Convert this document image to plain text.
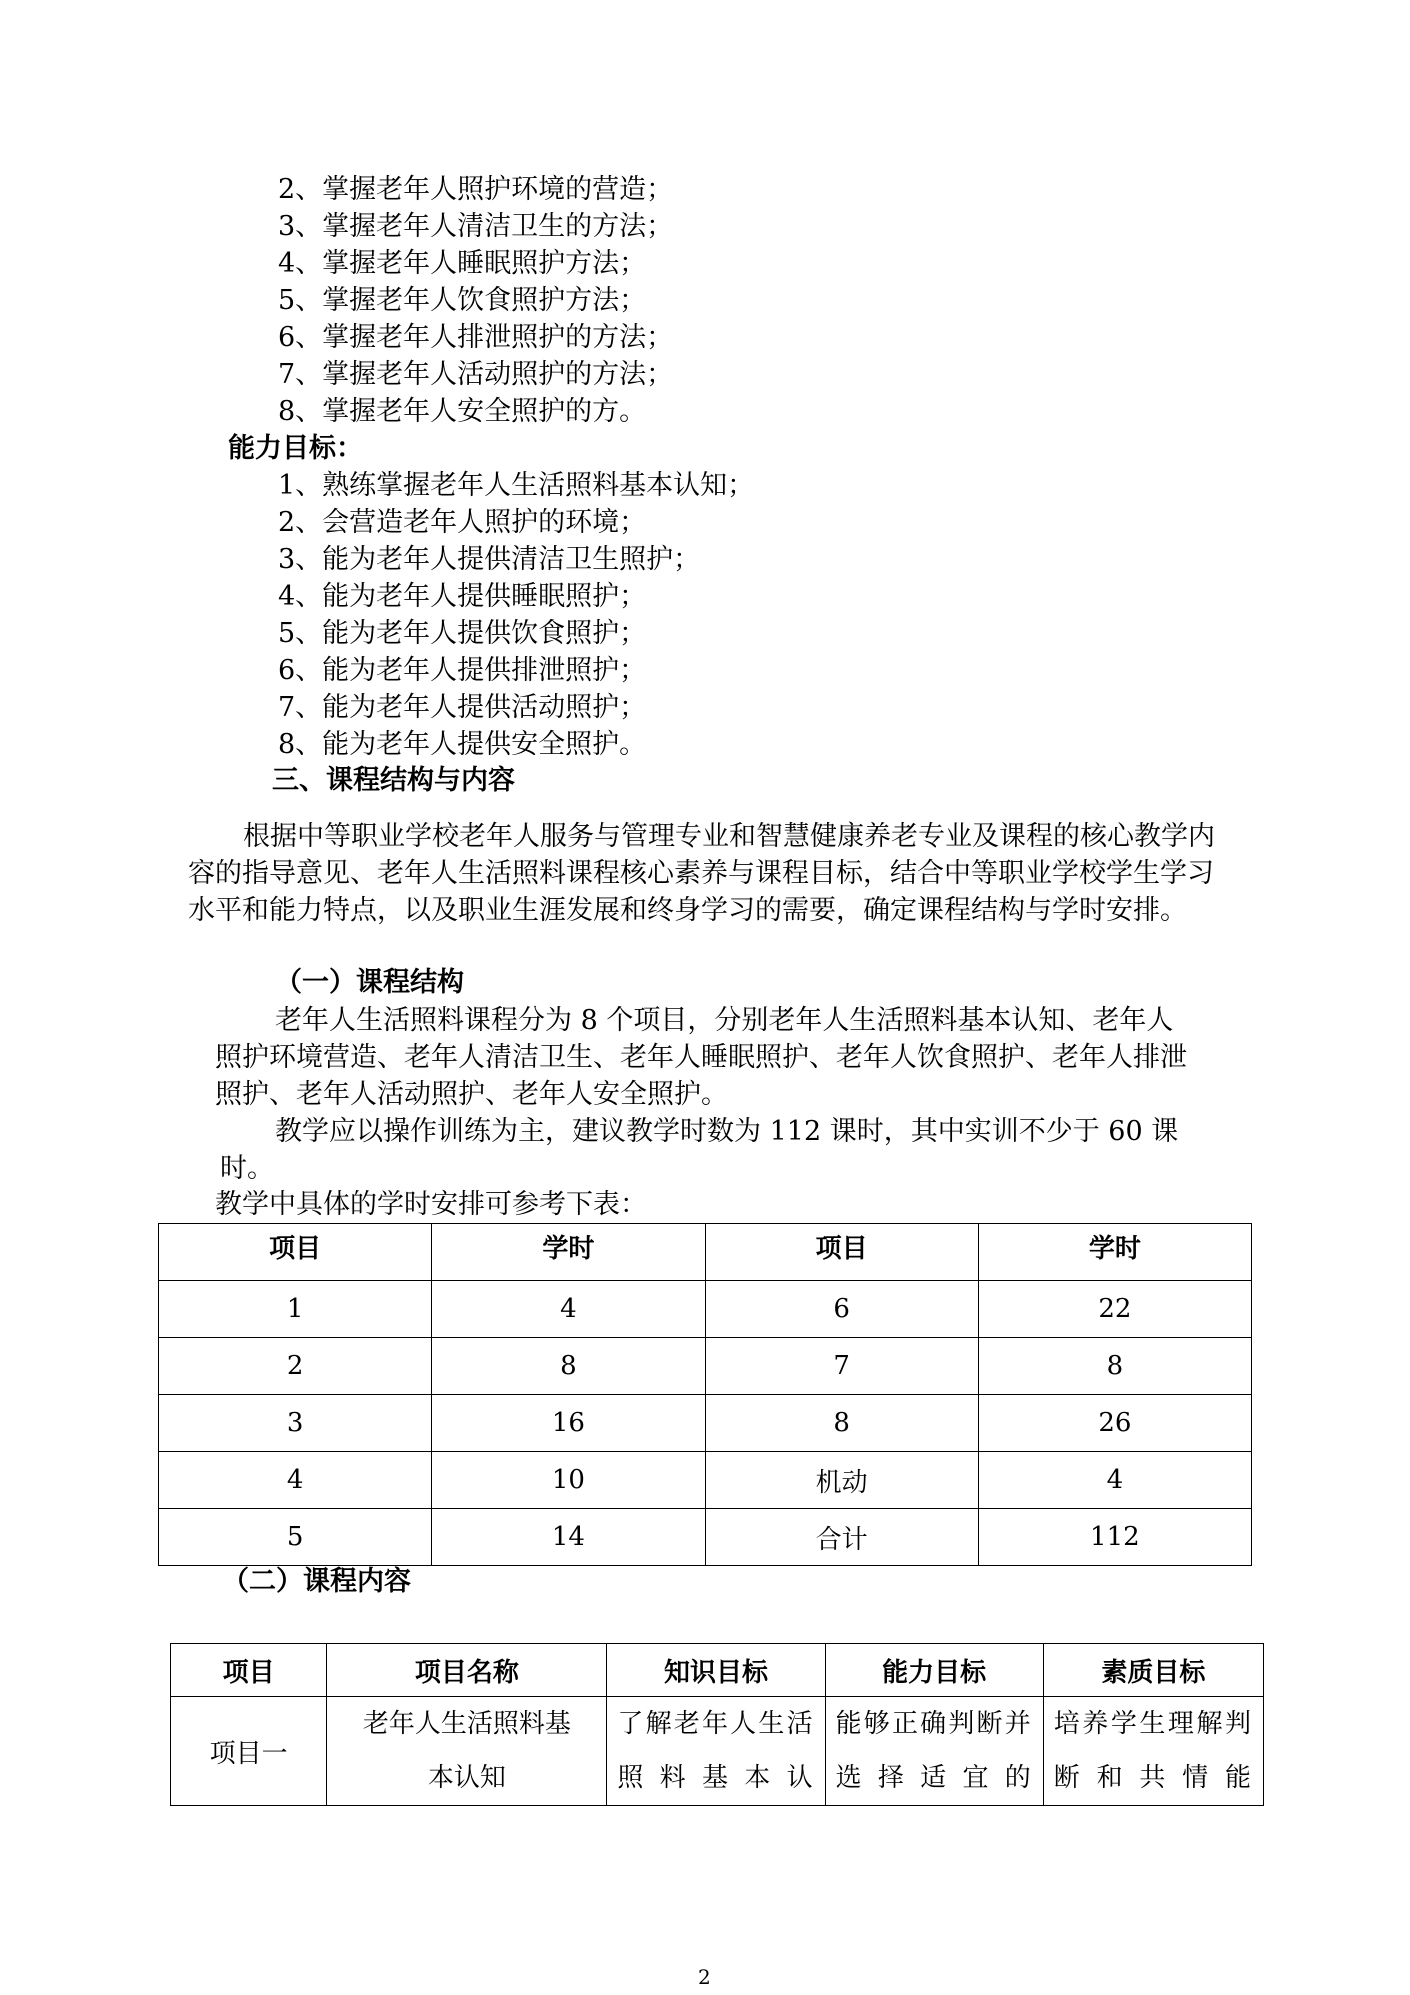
2、掌握老年人照护环境的营造；
3、掌握老年人清洁卫生的方法；
4、掌握老年人睡眠照护方法；
5、掌握老年人饮食照护方法；
6、掌握老年人排泄照护的方法；
7、掌握老年人活动照护的方法；
8、掌握老年人安全照护的方。
能力目标：
1、熟练掌握老年人生活照料基本认知；
2、会营造老年人照护的环境；
3、能为老年人提供清洁卫生照护；
4、能为老年人提供睡眠照护；
5、能为老年人提供饮食照护；
6、能为老年人提供排泄照护；
7、能为老年人提供活动照护；
8、能为老年人提供安全照护。
三、课程结构与内容
根据中等职业学校老年人服务与管理专业和智慧健康养老专业及课程的核心教学内容的指导意见、老年人生活照料课程核心素养与课程目标，结合中等职业学校学生学习水平和能力特点，以及职业生涯发展和终身学习的需要，确定课程结构与学时安排。
（一）课程结构
老年人生活照料课程分为 8 个项目，分别老年人生活照料基本认知、老年人照护环境营造、老年人清洁卫生、老年人睡眠照护、老年人饮食照护、老年人排泄照护、老年人活动照护、老年人安全照护。
教学应以操作训练为主，建议教学时数为 112 课时，其中实训不少于 60 课时。
教学中具体的学时安排可参考下表：
项目	学时	项目	学时
1	4	6	22
2	8	7	8
3	16	8	26
4	10	机动	4
5	14	合计	112
（二）课程内容
项目	项目名称	知识目标	能力目标	素质目标
项目一	老年人生活照料基本认知	了解老年人生活照料基本认	能够正确判断并选择适宜的	培养学生理解判断和共情能
2
